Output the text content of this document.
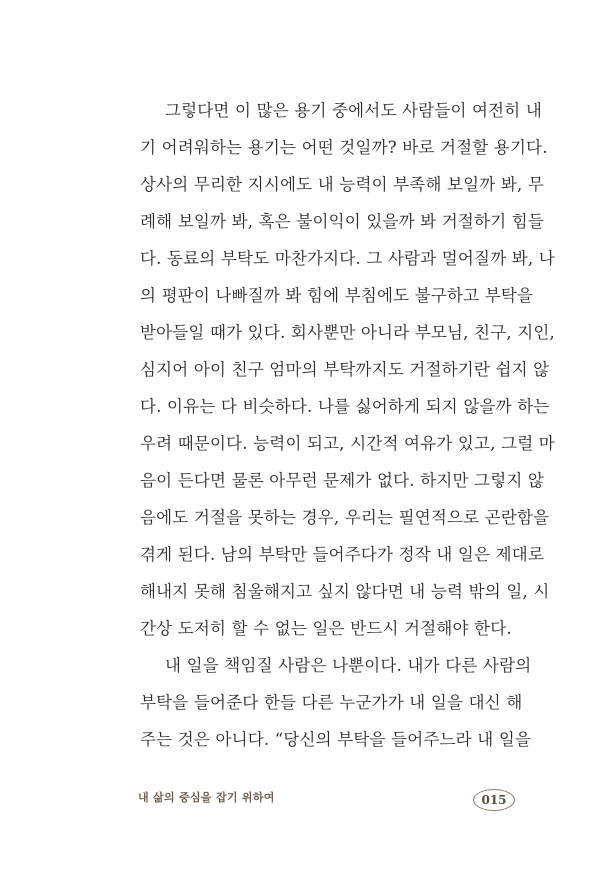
그렇다면 이 많은 용기 중에서도 사람들이 여전히 내
기 어려워하는 용기는 어떤 것일까? 바로 거절할 용기다.
상사의 무리한 지시에도 내 능력이 부족해 보일까 봐, 무
례해 보일까 봐, 혹은 불이익이 있을까 봐 거절하기 힘들
다. 동료의 부탁도 마찬가지다. 그 사람과 멀어질까 봐, 나
의 평판이 나빠질까 봐 힘에 부침에도 불구하고 부탁을
받아들일 때가 있다. 회사뿐만 아니라 부모님, 친구, 지인,
심지어 아이 친구 엄마의 부탁까지도 거절하기란 쉽지 않
다. 이유는 다 비슷하다. 나를 싫어하게 되지 않을까 하는
우려 때문이다. 능력이 되고, 시간적 여유가 있고, 그럴 마
음이 든다면 물론 아무런 문제가 없다. 하지만 그렇지 않
음에도 거절을 못하는 경우, 우리는 필연적으로 곤란함을
겪게 된다. 남의 부탁만 들어주다가 정작 내 일은 제대로
해내지 못해 침울해지고 싶지 않다면 내 능력 밖의 일, 시
간상 도저히 할 수 없는 일은 반드시 거절해야 한다.
내 일을 책임질 사람은 나뿐이다. 내가 다른 사람의
부탁을 들어준다 한들 다른 누군가가 내 일을 대신 해
주는 것은 아니다. “당신의 부탁을 들어주느라 내 일을
내 삶의 중심을 잡기 위하여	015
